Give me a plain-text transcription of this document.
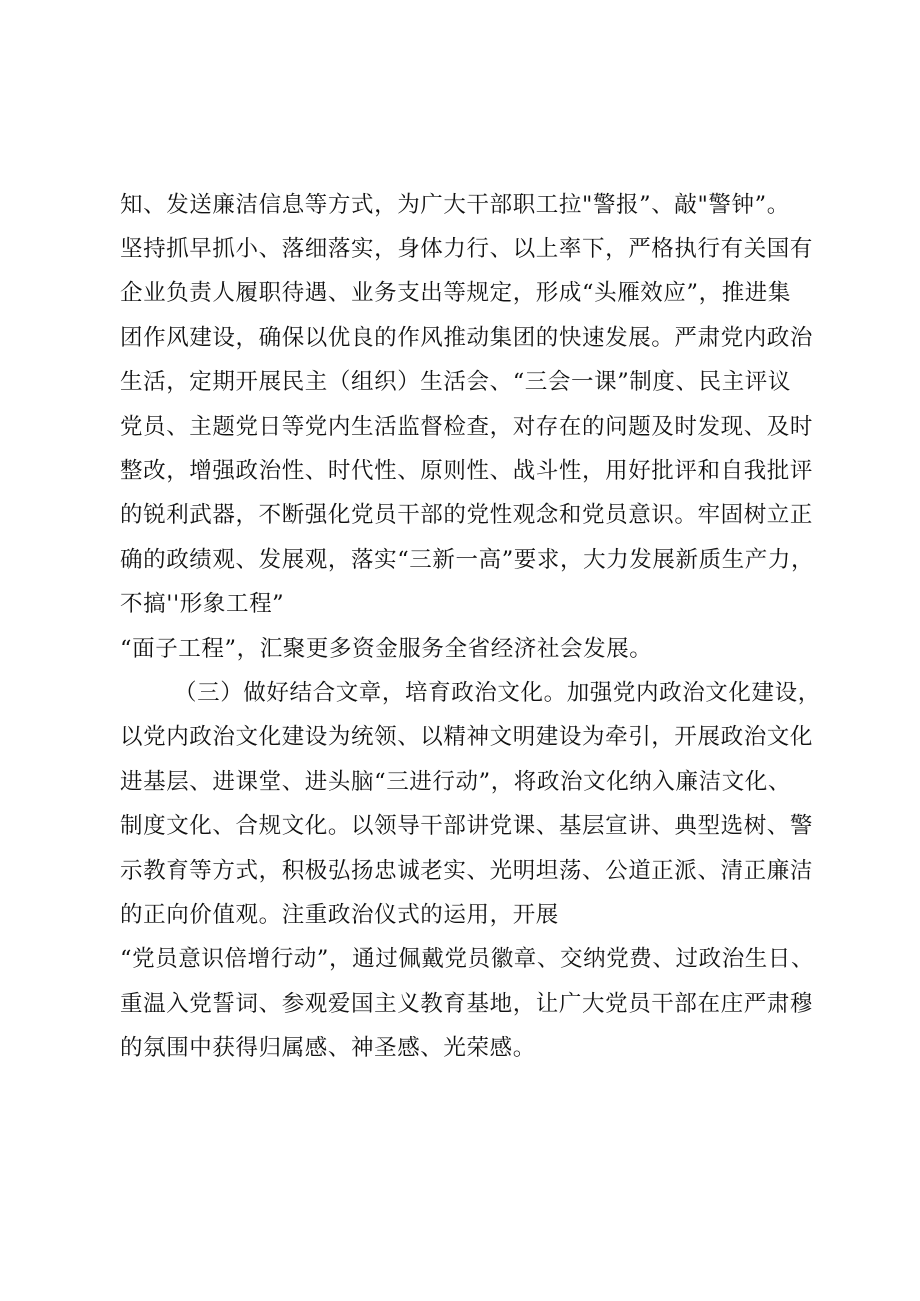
知、发送廉洁信息等方式，为广大干部职工拉"警报”、敲"警钟”。
坚持抓早抓小、落细落实，身体力行、以上率下，严格执行有关国有
企业负责人履职待遇、业务支出等规定，形成“头雁效应”，推进集
团作风建设，确保以优良的作风推动集团的快速发展。严肃党内政治
生活，定期开展民主（组织）生活会、“三会一课”制度、民主评议
党员、主题党日等党内生活监督检查，对存在的问题及时发现、及时
整改，增强政治性、时代性、原则性、战斗性，用好批评和自我批评
的锐利武器，不断强化党员干部的党性观念和党员意识。牢固树立正
确的政绩观、发展观，落实“三新一高”要求，大力发展新质生产力，
不搞''形象工程”
“面子工程”，汇聚更多资金服务全省经济社会发展。
（三）做好结合文章，培育政治文化。加强党内政治文化建设，
以党内政治文化建设为统领、以精神文明建设为牵引，开展政治文化
进基层、进课堂、进头脑“三进行动”，将政治文化纳入廉洁文化、
制度文化、合规文化。以领导干部讲党课、基层宣讲、典型选树、警
示教育等方式，积极弘扬忠诚老实、光明坦荡、公道正派、清正廉洁
的正向价值观。注重政治仪式的运用，开展
“党员意识倍增行动”，通过佩戴党员徽章、交纳党费、过政治生日、
重温入党誓词、参观爱国主义教育基地，让广大党员干部在庄严肃穆
的氛围中获得归属感、神圣感、光荣感。
